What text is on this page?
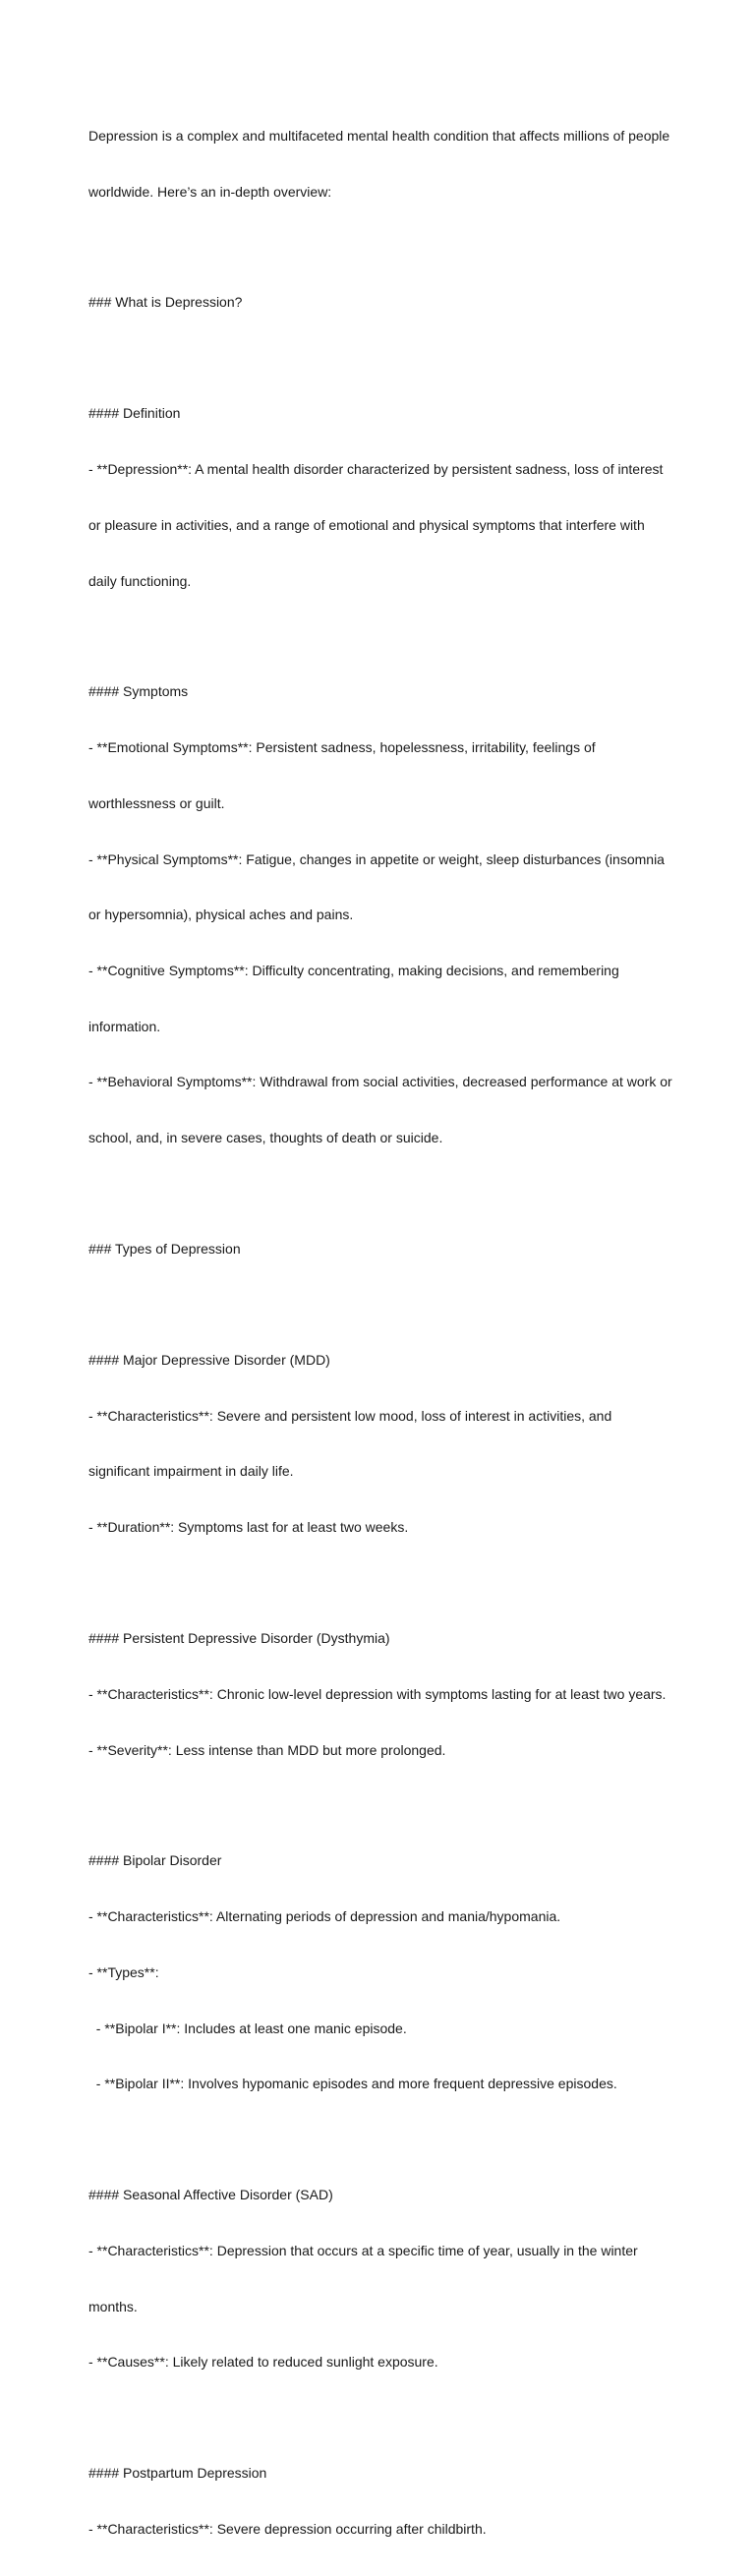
Depression is a complex and multifaceted mental health condition that affects millions of people

worldwide. Here’s an in-depth overview:

### What is Depression?

#### Definition

- **Depression**: A mental health disorder characterized by persistent sadness, loss of interest

or pleasure in activities, and a range of emotional and physical symptoms that interfere with

daily functioning.

#### Symptoms

- **Emotional Symptoms**: Persistent sadness, hopelessness, irritability, feelings of

worthlessness or guilt.

- **Physical Symptoms**: Fatigue, changes in appetite or weight, sleep disturbances (insomnia

or hypersomnia), physical aches and pains.

- **Cognitive Symptoms**: Difficulty concentrating, making decisions, and remembering

information.

- **Behavioral Symptoms**: Withdrawal from social activities, decreased performance at work or

school, and, in severe cases, thoughts of death or suicide.

### Types of Depression

#### Major Depressive Disorder (MDD)

- **Characteristics**: Severe and persistent low mood, loss of interest in activities, and

significant impairment in daily life.

- **Duration**: Symptoms last for at least two weeks.

#### Persistent Depressive Disorder (Dysthymia)

- **Characteristics**: Chronic low-level depression with symptoms lasting for at least two years.

- **Severity**: Less intense than MDD but more prolonged.

#### Bipolar Disorder

- **Characteristics**: Alternating periods of depression and mania/hypomania.

- **Types**:

- **Bipolar I**: Includes at least one manic episode.

- **Bipolar II**: Involves hypomanic episodes and more frequent depressive episodes.

#### Seasonal Affective Disorder (SAD)

- **Characteristics**: Depression that occurs at a specific time of year, usually in the winter

months.

- **Causes**: Likely related to reduced sunlight exposure.

#### Postpartum Depression

- **Characteristics**: Severe depression occurring after childbirth.
